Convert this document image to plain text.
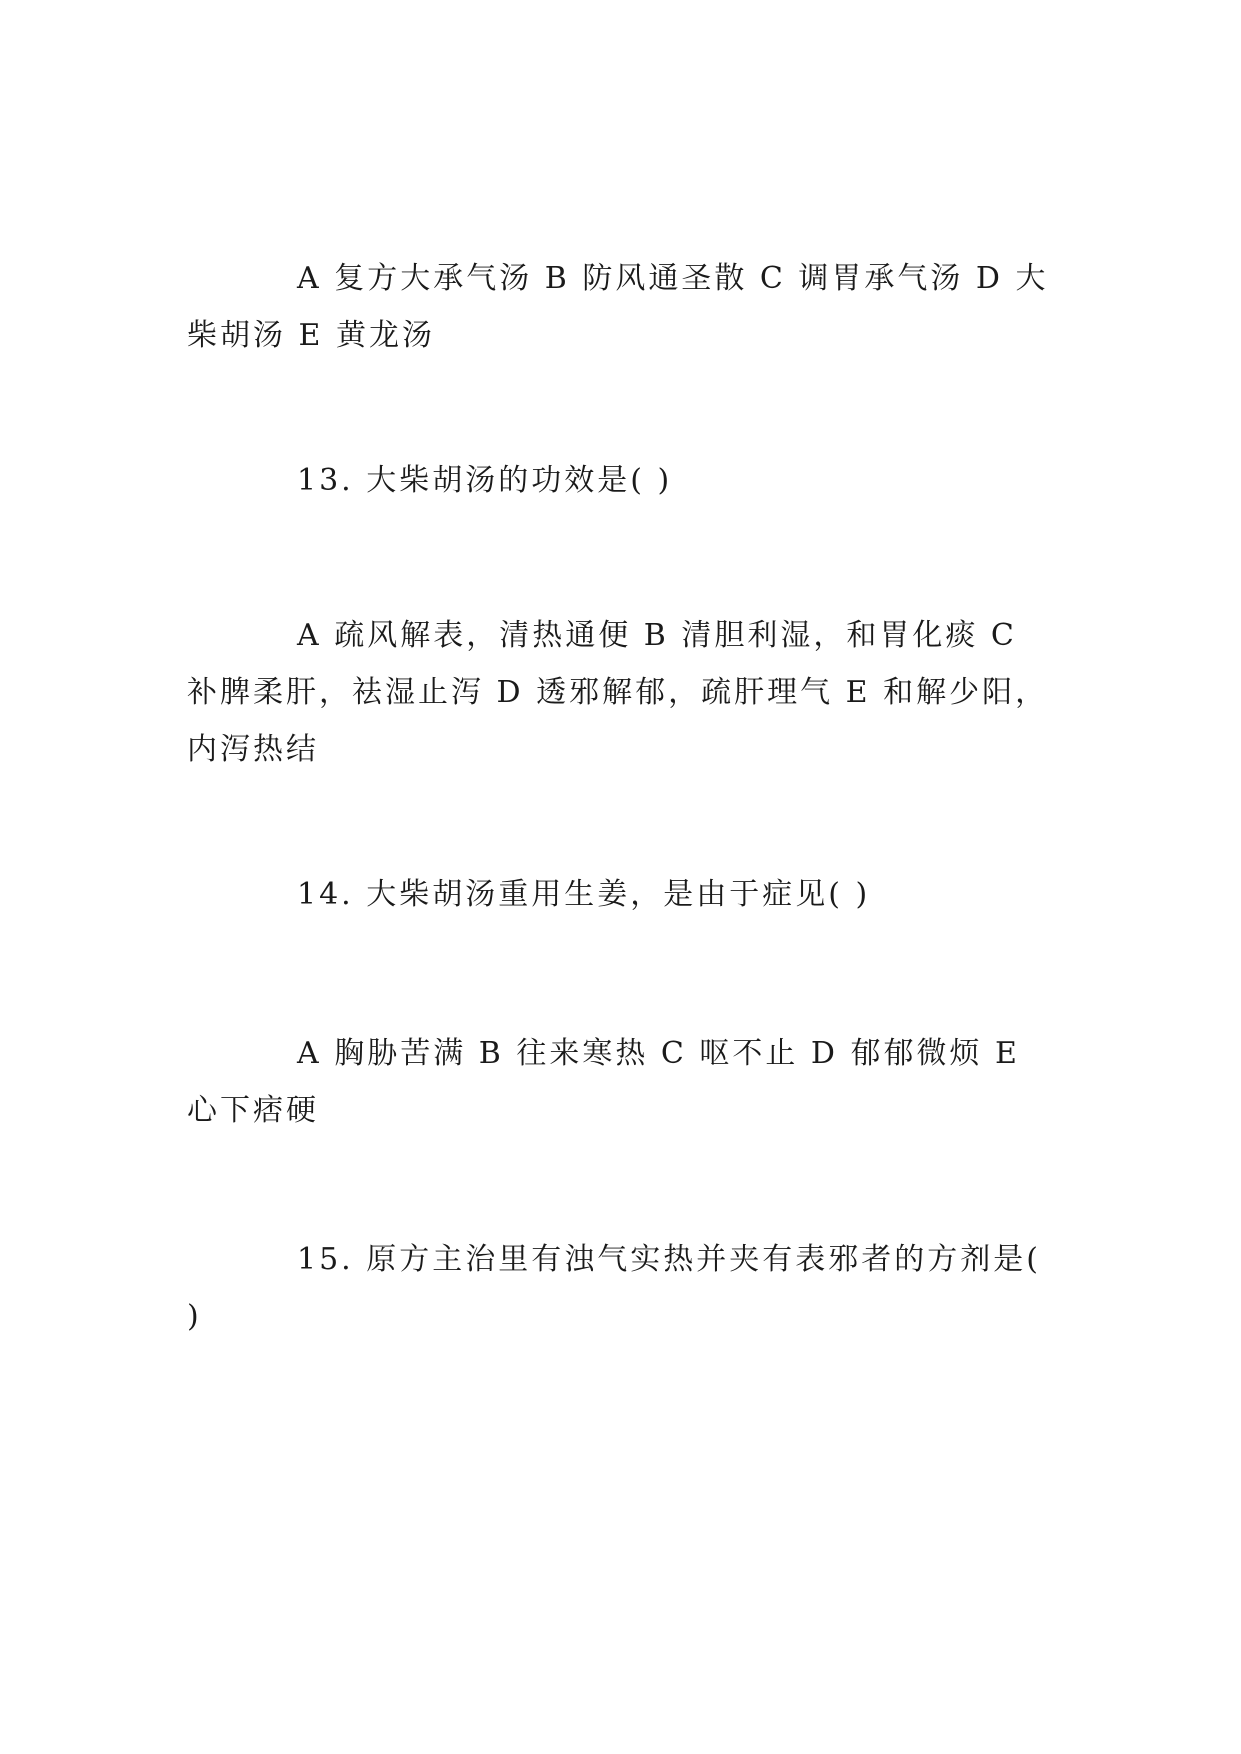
A 复方大承气汤 B 防风通圣散 C 调胃承气汤 D 大柴胡汤 E 黄龙汤

13. 大柴胡汤的功效是( )

A 疏风解表，清热通便 B 清胆利湿，和胃化痰 C 补脾柔肝，祛湿止泻 D 透邪解郁，疏肝理气 E 和解少阳，内泻热结

14. 大柴胡汤重用生姜，是由于症见( )

A 胸胁苦满 B 往来寒热 C 呕不止 D 郁郁微烦 E 心下痞硬

15. 原方主治里有浊气实热并夹有表邪者的方剂是( )
